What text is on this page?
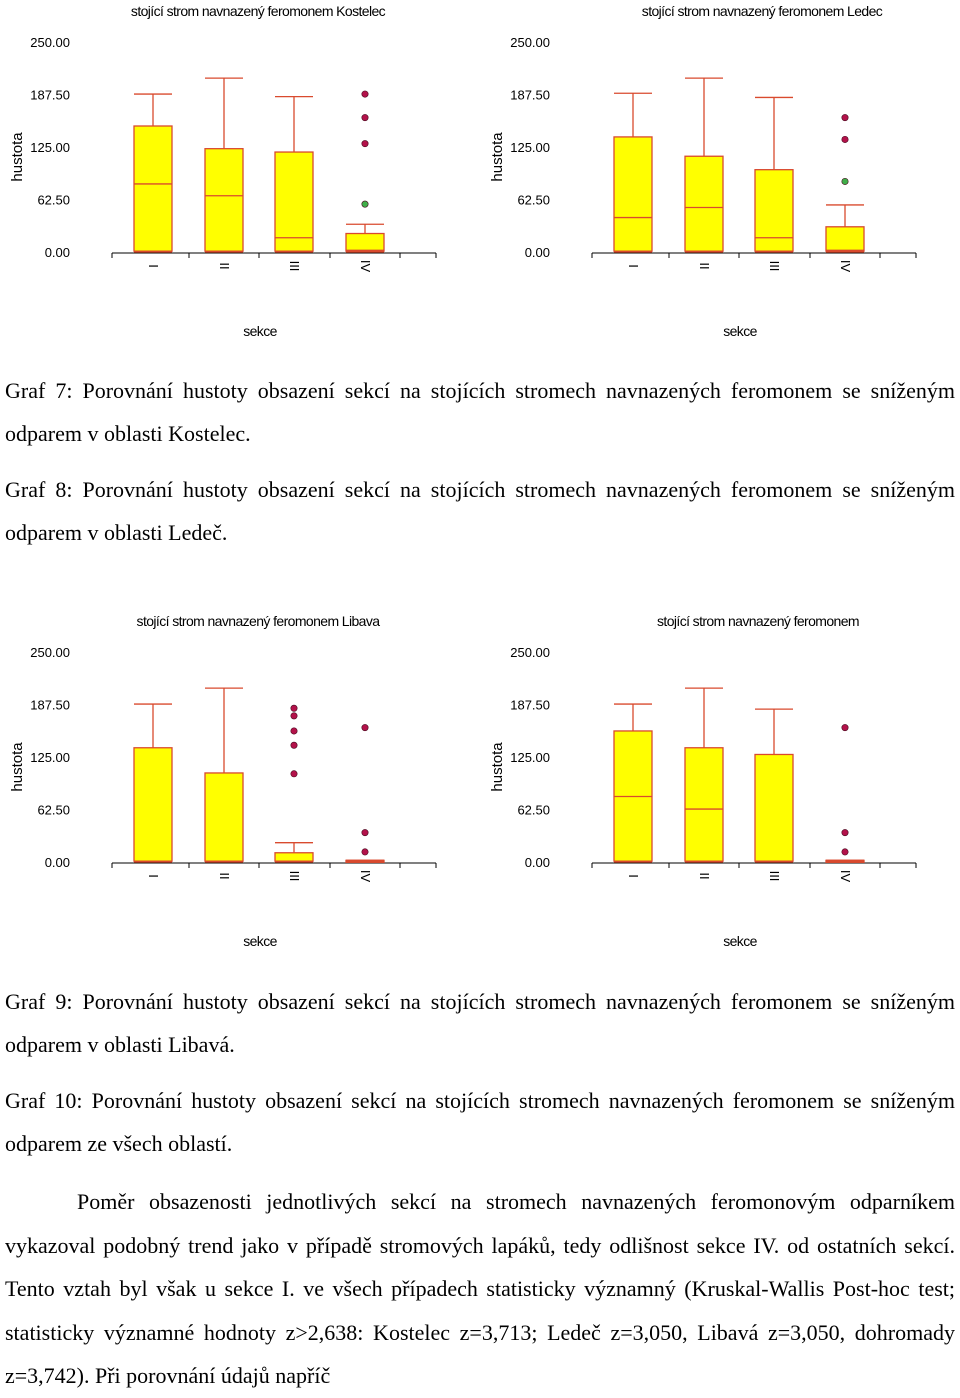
stojící strom navnazený feromonem Kostelec
hustota
sekce
0.00
62.50
125.00
187.50
250.00
I	II	III	IV
stojící strom navnazený feromonem Ledec
hustota
sekce
0.00
62.50
125.00
187.50
250.00
I	II	III	IV
Graf 7: Porovnání hustoty obsazení sekcí na stojících stromech navnazených feromonem se sníženým odparem v oblasti Kostelec.
Graf 8: Porovnání hustoty obsazení sekcí na stojících stromech navnazených feromonem se sníženým odparem v oblasti Ledeč.
stojící strom navnazený feromonem Libava
hustota
sekce
0.00
62.50
125.00
187.50
250.00
I	II	III	IV
stojící strom navnazený feromonem
hustota
sekce
0.00
62.50
125.00
187.50
250.00
I	II	III	IV
Graf 9: Porovnání hustoty obsazení sekcí na stojících stromech navnazených feromonem se sníženým odparem v oblasti Libavá.
Graf 10: Porovnání hustoty obsazení sekcí na stojících stromech navnazených feromonem se sníženým odparem ze všech oblastí.
Poměr obsazenosti jednotlivých sekcí na stromech navnazených feromonovým odparníkem vykazoval podobný trend jako v případě stromových lapáků, tedy odlišnost sekce IV. od ostatních sekcí. Tento vztah byl však u sekce I. ve všech případech statisticky významný (Kruskal-Wallis Post-hoc test; statisticky významné hodnoty z>2,638: Kostelec z=3,713; Ledeč z=3,050, Libavá z=3,050, dohromady z=3,742). Při porovnání údajů napříč
